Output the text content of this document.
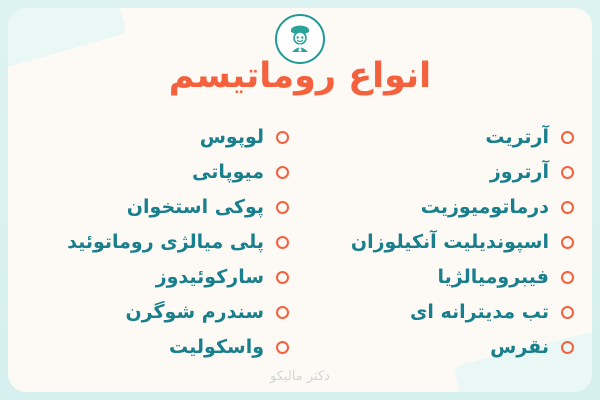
انواع روماتیسم
آرتریت
آرتروز
درماتومیوزیت
اسپوندیلیت آنکیلوزان
فیبرومیالژیا
تب مدیترانه ای
نقرس
لوپوس
میوپاتی
پوکی استخوان
پلی میالژی روماتوئید
سارکوئیدوز
سندرم شوگرن
واسکولیت
دکتر مالیکو
